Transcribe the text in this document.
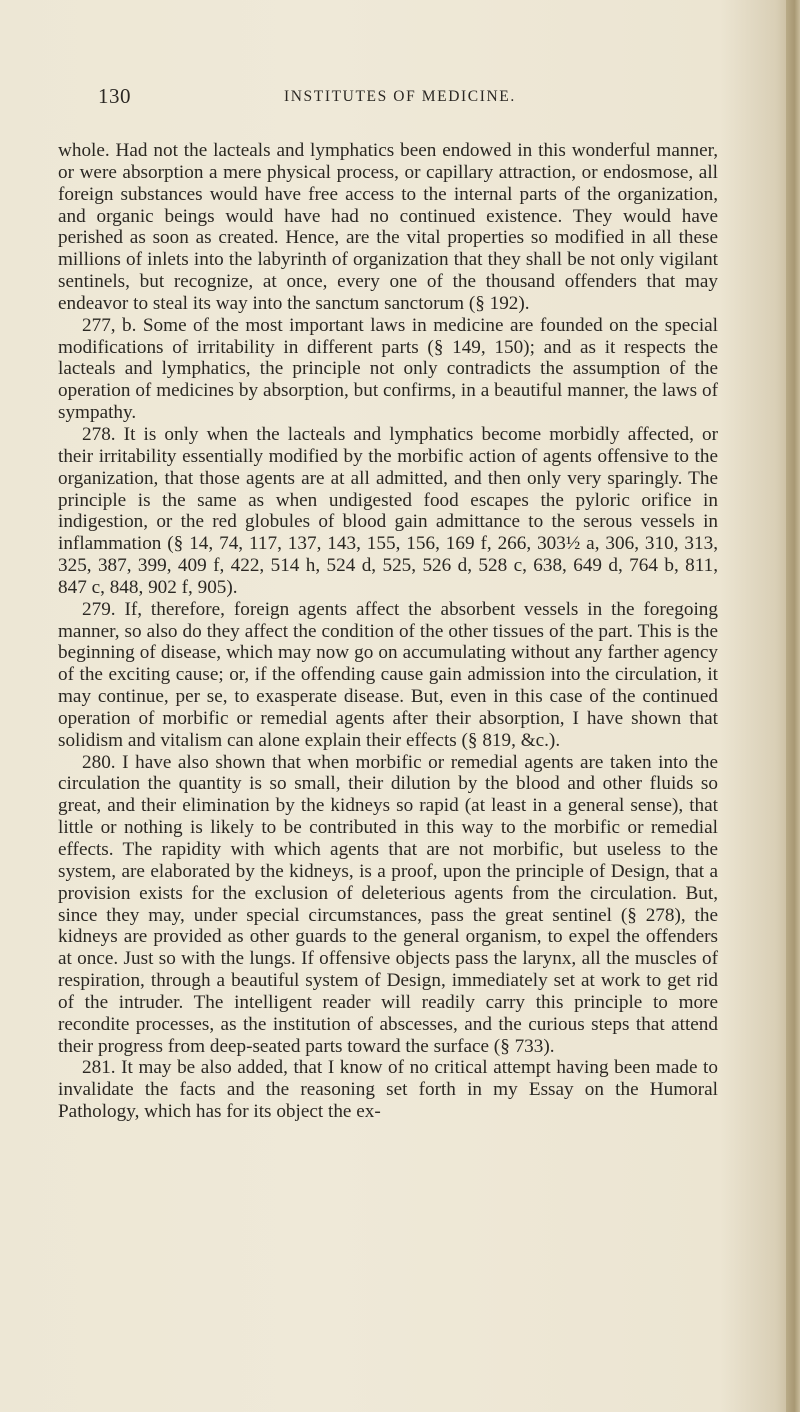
130	INSTITUTES OF MEDICINE.

whole. Had not the lacteals and lymphatics been endowed in this wonderful manner, or were absorption a mere physical process, or capillary attraction, or endosmose, all foreign substances would have free access to the internal parts of the organization, and organic beings would have had no continued existence. They would have perished as soon as created. Hence, are the vital properties so modified in all these millions of inlets into the labyrinth of organization that they shall be not only vigilant sentinels, but recognize, at once, every one of the thousand offenders that may endeavor to steal its way into the sanctum sanctorum (§ 192).

277, b. Some of the most important laws in medicine are founded on the special modifications of irritability in different parts (§ 149, 150); and as it respects the lacteals and lymphatics, the principle not only contradicts the assumption of the operation of medicines by absorption, but confirms, in a beautiful manner, the laws of sympathy.

278. It is only when the lacteals and lymphatics become morbidly affected, or their irritability essentially modified by the morbific action of agents offensive to the organization, that those agents are at all admitted, and then only very sparingly. The principle is the same as when undigested food escapes the pyloric orifice in indigestion, or the red globules of blood gain admittance to the serous vessels in inflammation (§ 14, 74, 117, 137, 143, 155, 156, 169 f, 266, 303½ a, 306, 310, 313, 325, 387, 399, 409 f, 422, 514 h, 524 d, 525, 526 d, 528 c, 638, 649 d, 764 b, 811, 847 c, 848, 902 f, 905).

279. If, therefore, foreign agents affect the absorbent vessels in the foregoing manner, so also do they affect the condition of the other tissues of the part. This is the beginning of disease, which may now go on accumulating without any farther agency of the exciting cause; or, if the offending cause gain admission into the circulation, it may continue, per se, to exasperate disease. But, even in this case of the continued operation of morbific or remedial agents after their absorption, I have shown that solidism and vitalism can alone explain their effects (§ 819, &c.).

280. I have also shown that when morbific or remedial agents are taken into the circulation the quantity is so small, their dilution by the blood and other fluids so great, and their elimination by the kidneys so rapid (at least in a general sense), that little or nothing is likely to be contributed in this way to the morbific or remedial effects. The rapidity with which agents that are not morbific, but useless to the system, are elaborated by the kidneys, is a proof, upon the principle of Design, that a provision exists for the exclusion of deleterious agents from the circulation. But, since they may, under special circumstances, pass the great sentinel (§ 278), the kidneys are provided as other guards to the general organism, to expel the offenders at once. Just so with the lungs. If offensive objects pass the larynx, all the muscles of respiration, through a beautiful system of Design, immediately set at work to get rid of the intruder. The intelligent reader will readily carry this principle to more recondite processes, as the institution of abscesses, and the curious steps that attend their progress from deep-seated parts toward the surface (§ 733).

281. It may be also added, that I know of no critical attempt having been made to invalidate the facts and the reasoning set forth in my Essay on the Humoral Pathology, which has for its object the ex-
